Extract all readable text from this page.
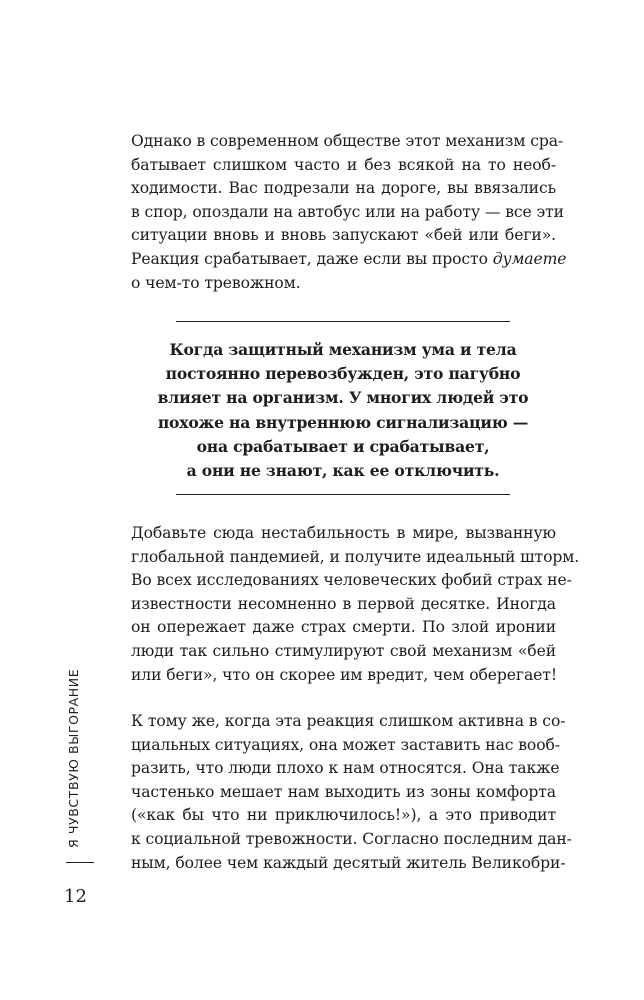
Однако в современном обществе этот механизм сра-
батывает слишком часто и без всякой на то необ-
ходимости. Вас подрезали на дороге, вы ввязались
в спор, опоздали на автобус или на работу — все эти
ситуации вновь и вновь запускают «бей или беги».
Реакция срабатывает, даже если вы просто думаете
о чем-то тревожном.

Когда защитный механизм ума и тела
постоянно перевозбужден, это пагубно
влияет на организм. У многих людей это
похоже на внутреннюю сигнализацию —
она срабатывает и срабатывает,
а они не знают, как ее отключить.

Добавьте сюда нестабильность в мире, вызванную
глобальной пандемией, и получите идеальный шторм.
Во всех исследованиях человеческих фобий страх не-
известности несомненно в первой десятке. Иногда
он опережает даже страх смерти. По злой иронии
люди так сильно стимулируют свой механизм «бей
или беги», что он скорее им вредит, чем оберегает!

К тому же, когда эта реакция слишком активна в со-
циальных ситуациях, она может заставить нас вооб-
разить, что люди плохо к нам относятся. Она также
частенько мешает нам выходить из зоны комфорта
(«как бы что ни приключилось!»), а это приводит
к социальной тревожности. Согласно последним дан-
ным, более чем каждый десятый житель Великобри-

Я ЧУВСТВУЮ ВЫГОРАНИЕ
12
